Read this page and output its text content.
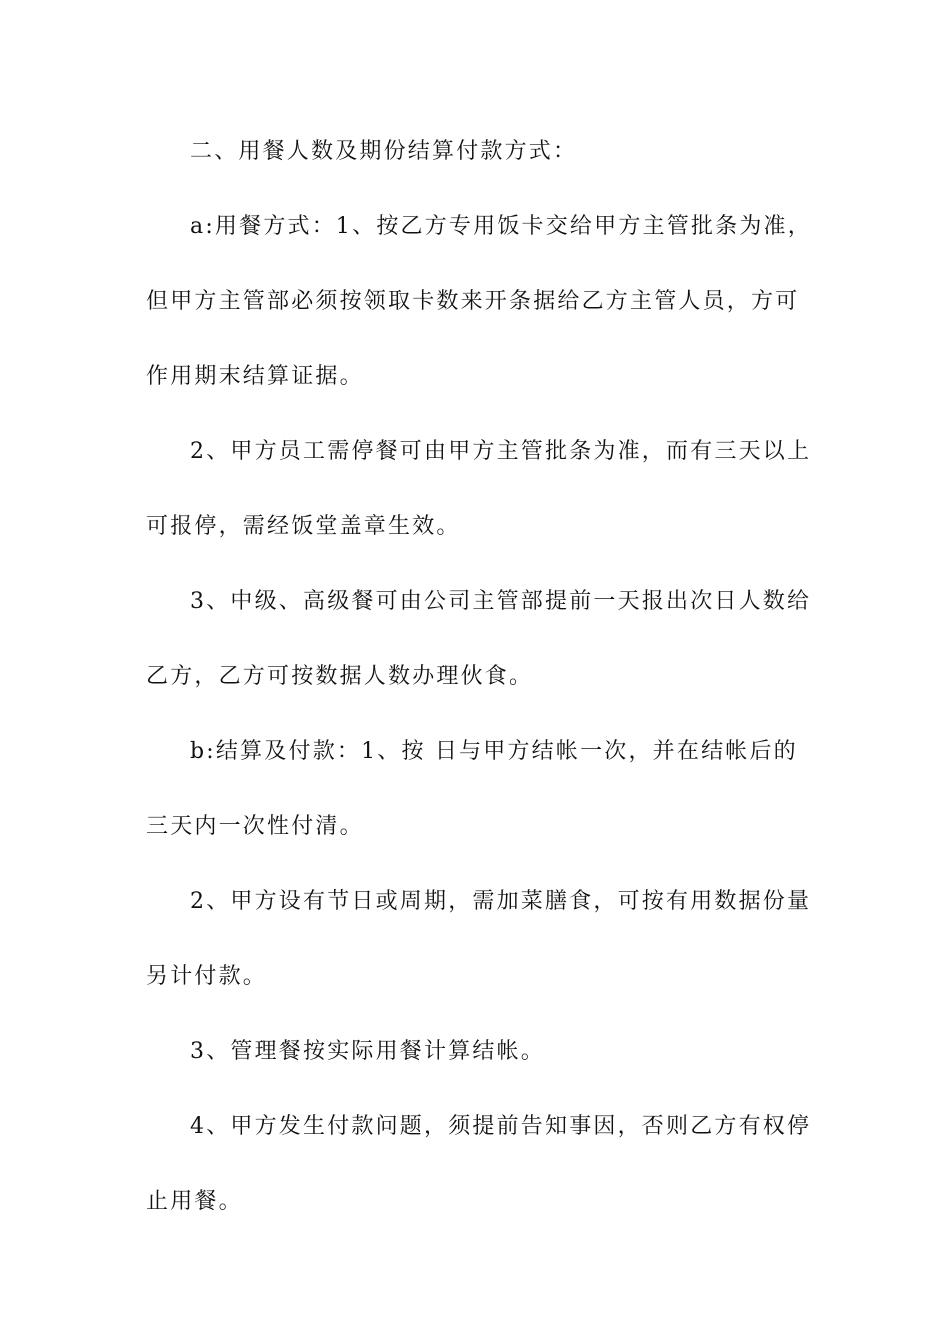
二、用餐人数及期份结算付款方式：
a:用餐方式：1、按乙方专用饭卡交给甲方主管批条为准，
但甲方主管部必须按领取卡数来开条据给乙方主管人员，方可
作用期末结算证据。
2、甲方员工需停餐可由甲方主管批条为准，而有三天以上
可报停，需经饭堂盖章生效。
3、中级、高级餐可由公司主管部提前一天报出次日人数给
乙方，乙方可按数据人数办理伙食。
b:结算及付款：1、按 日与甲方结帐一次，并在结帐后的
三天内一次性付清。
2、甲方设有节日或周期，需加菜膳食，可按有用数据份量
另计付款。
3、管理餐按实际用餐计算结帐。
4、甲方发生付款问题，须提前告知事因，否则乙方有权停
止用餐。
